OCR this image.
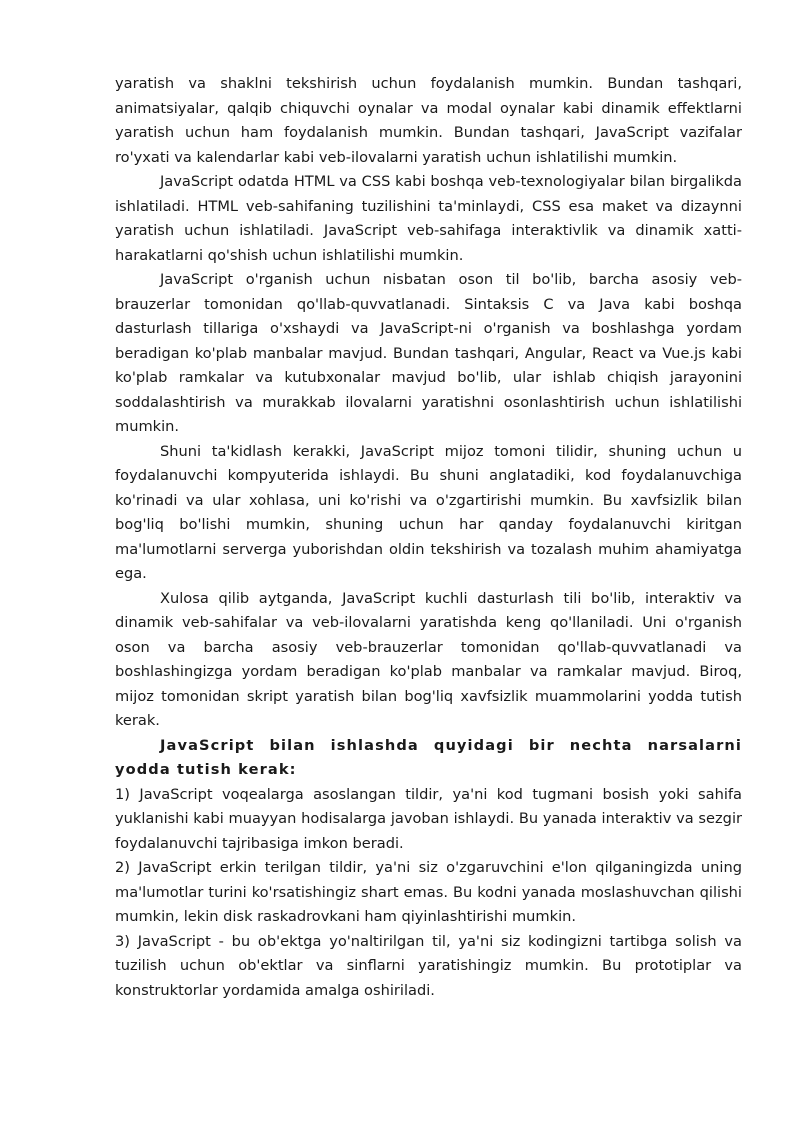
yaratish va shaklni tekshirish uchun foydalanish mumkin. Bundan tashqari, animatsiyalar, qalqib chiquvchi oynalar va modal oynalar kabi dinamik effektlarni yaratish uchun ham foydalanish mumkin. Bundan tashqari, JavaScript vazifalar ro'yxati va kalendarlar kabi veb-ilovalarni yaratish uchun ishlatilishi mumkin.

JavaScript odatda HTML va CSS kabi boshqa veb-texnologiyalar bilan birgalikda ishlatiladi. HTML veb-sahifaning tuzilishini ta'minlaydi, CSS esa maket va dizaynni yaratish uchun ishlatiladi. JavaScript veb-sahifaga interaktivlik va dinamik xatti-harakatlarni qo'shish uchun ishlatilishi mumkin.

JavaScript o'rganish uchun nisbatan oson til bo'lib, barcha asosiy veb-brauzerlar tomonidan qo'llab-quvvatlanadi. Sintaksis C va Java kabi boshqa dasturlash tillariga o'xshaydi va JavaScript-ni o'rganish va boshlashga yordam beradigan ko'plab manbalar mavjud. Bundan tashqari, Angular, React va Vue.js kabi ko'plab ramkalar va kutubxonalar mavjud bo'lib, ular ishlab chiqish jarayonini soddalashtirish va murakkab ilovalarni yaratishni osonlashtirish uchun ishlatilishi mumkin.

Shuni ta'kidlash kerakki, JavaScript mijoz tomoni tilidir, shuning uchun u foydalanuvchi kompyuterida ishlaydi. Bu shuni anglatadiki, kod foydalanuvchiga ko'rinadi va ular xohlasa, uni ko'rishi va o'zgartirishi mumkin. Bu xavfsizlik bilan bog'liq bo'lishi mumkin, shuning uchun har qanday foydalanuvchi kiritgan ma'lumotlarni serverga yuborishdan oldin tekshirish va tozalash muhim ahamiyatga ega.

Xulosa qilib aytganda, JavaScript kuchli dasturlash tili bo'lib, interaktiv va dinamik veb-sahifalar va veb-ilovalarni yaratishda keng qo'llaniladi. Uni o'rganish oson va barcha asosiy veb-brauzerlar tomonidan qo'llab-quvvatlanadi va boshlashingizga yordam beradigan ko'plab manbalar va ramkalar mavjud. Biroq, mijoz tomonidan skript yaratish bilan bog'liq xavfsizlik muammolarini yodda tutish kerak.

JavaScript bilan ishlashda quyidagi bir nechta narsalarni yodda tutish kerak:

1) JavaScript voqealarga asoslangan tildir, ya'ni kod tugmani bosish yoki sahifa yuklanishi kabi muayyan hodisalarga javoban ishlaydi. Bu yanada interaktiv va sezgir foydalanuvchi tajribasiga imkon beradi.

2) JavaScript erkin terilgan tildir, ya'ni siz o'zgaruvchini e'lon qilganingizda uning ma'lumotlar turini ko'rsatishingiz shart emas. Bu kodni yanada moslashuvchan qilishi mumkin, lekin disk raskadrovkani ham qiyinlashtirishi mumkin.

3) JavaScript - bu ob'ektga yo'naltirilgan til, ya'ni siz kodingizni tartibga solish va tuzilish uchun ob'ektlar va sinflarni yaratishingiz mumkin. Bu prototiplar va konstruktorlar yordamida amalga oshiriladi.
